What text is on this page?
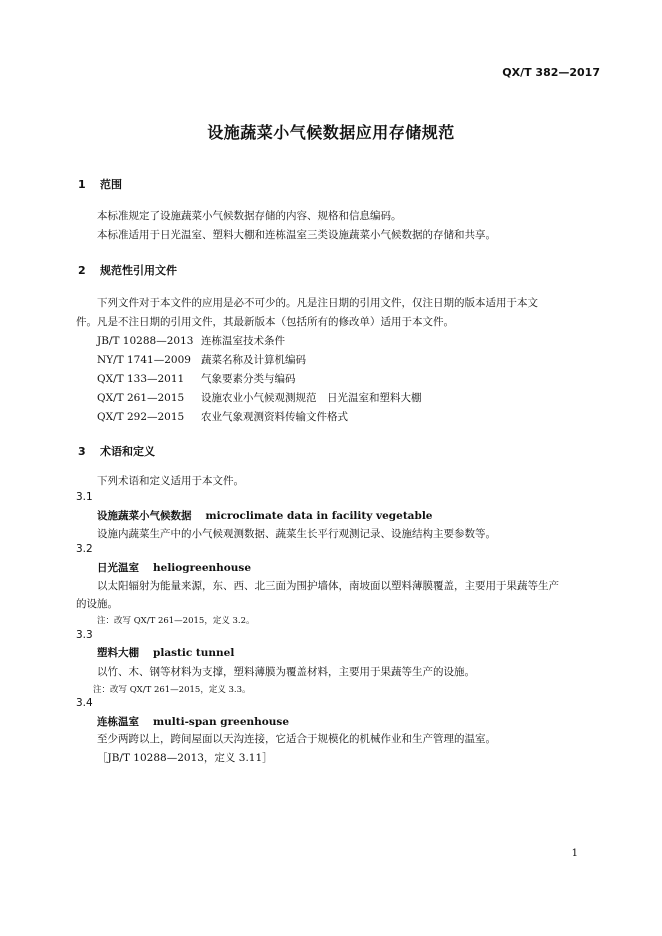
QX/T 382—2017
设施蔬菜小气候数据应用存储规范
1 范围
本标准规定了设施蔬菜小气候数据存储的内容、规格和信息编码。
本标准适用于日光温室、塑料大棚和连栋温室三类设施蔬菜小气候数据的存储和共享。
2 规范性引用文件
下列文件对于本文件的应用是必不可少的。凡是注日期的引用文件，仅注日期的版本适用于本文
件。凡是不注日期的引用文件，其最新版本（包括所有的修改单）适用于本文件。
JB/T 10288—2013 连栋温室技术条件
NY/T 1741—2009 蔬菜名称及计算机编码
QX/T 133—2011 气象要素分类与编码
QX/T 261—2015 设施农业小气候观测规范　日光温室和塑料大棚
QX/T 292—2015 农业气象观测资料传输文件格式
3 术语和定义
下列术语和定义适用于本文件。
3.1
设施蔬菜小气候数据 microclimate data in facility vegetable
设施内蔬菜生产中的小气候观测数据、蔬菜生长平行观测记录、设施结构主要参数等。
3.2
日光温室 heliogreenhouse
以太阳辐射为能量来源，东、西、北三面为围护墙体，南坡面以塑料薄膜覆盖，主要用于果蔬等生产
的设施。
注：改写 QX/T 261—2015，定义 3.2。
3.3
塑料大棚 plastic tunnel
以竹、木、钢等材料为支撑，塑料薄膜为覆盖材料，主要用于果蔬等生产的设施。
注：改写 QX/T 261—2015，定义 3.3。
3.4
连栋温室 multi-span greenhouse
至少两跨以上，跨间屋面以天沟连接，它适合于规模化的机械作业和生产管理的温室。
［JB/T 10288—2013，定义 3.11］
1
